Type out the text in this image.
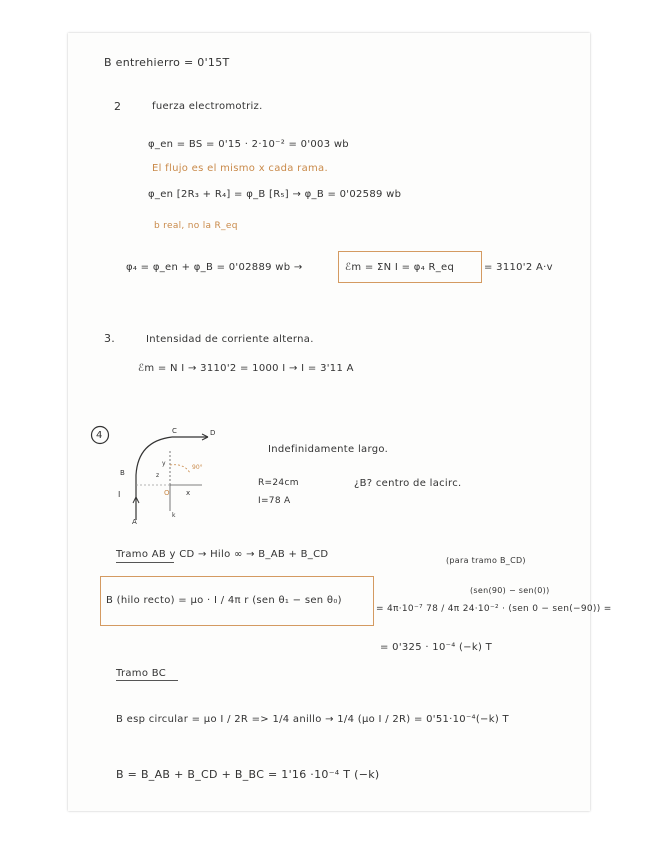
B entrehierro = 0'15T
2	fuerza electromotriz.
φ_en = BS = 0'15 · 2·10⁻² = 0'003 wb
El flujo es el mismo x cada rama.
φ_en [2R₃ + R₄] = φ_B [R₅] → φ_B = 0'02589 wb
b real, no la R_eq
φ₄ = φ_en + φ_B = 0'02889 wb →	ℰm = ΣN I = φ₄ R_eq	= 3110'2 A·v
3.	Intensidad de corriente alterna.
ℰm = N I → 3110'2 = 1000 I → I = 3'11 A
4	C	D
B
A
I	O x
y
z
k
90°
Indefinidamente largo.
R=24cm	¿B? centro de lacirc.
I=78 A
Tramo AB y CD → Hilo ∞ → B_AB + B_CD
(para tramo B_CD)
(sen(90) − sen(0))
B (hilo recto) = μo · I / 4π r (sen θ₁ − sen θ₀)
= 4π·10⁻⁷ 78 / 4π 24·10⁻² · (sen 0 − sen(−90)) =
= 0'325 · 10⁻⁴ (−k) T
Tramo BC
B esp circular = μo I / 2R => 1/4 anillo → 1/4 (μo I / 2R) = 0'51·10⁻⁴(−k) T
B = B_AB + B_CD + B_BC = 1'16 ·10⁻⁴ T (−k)
